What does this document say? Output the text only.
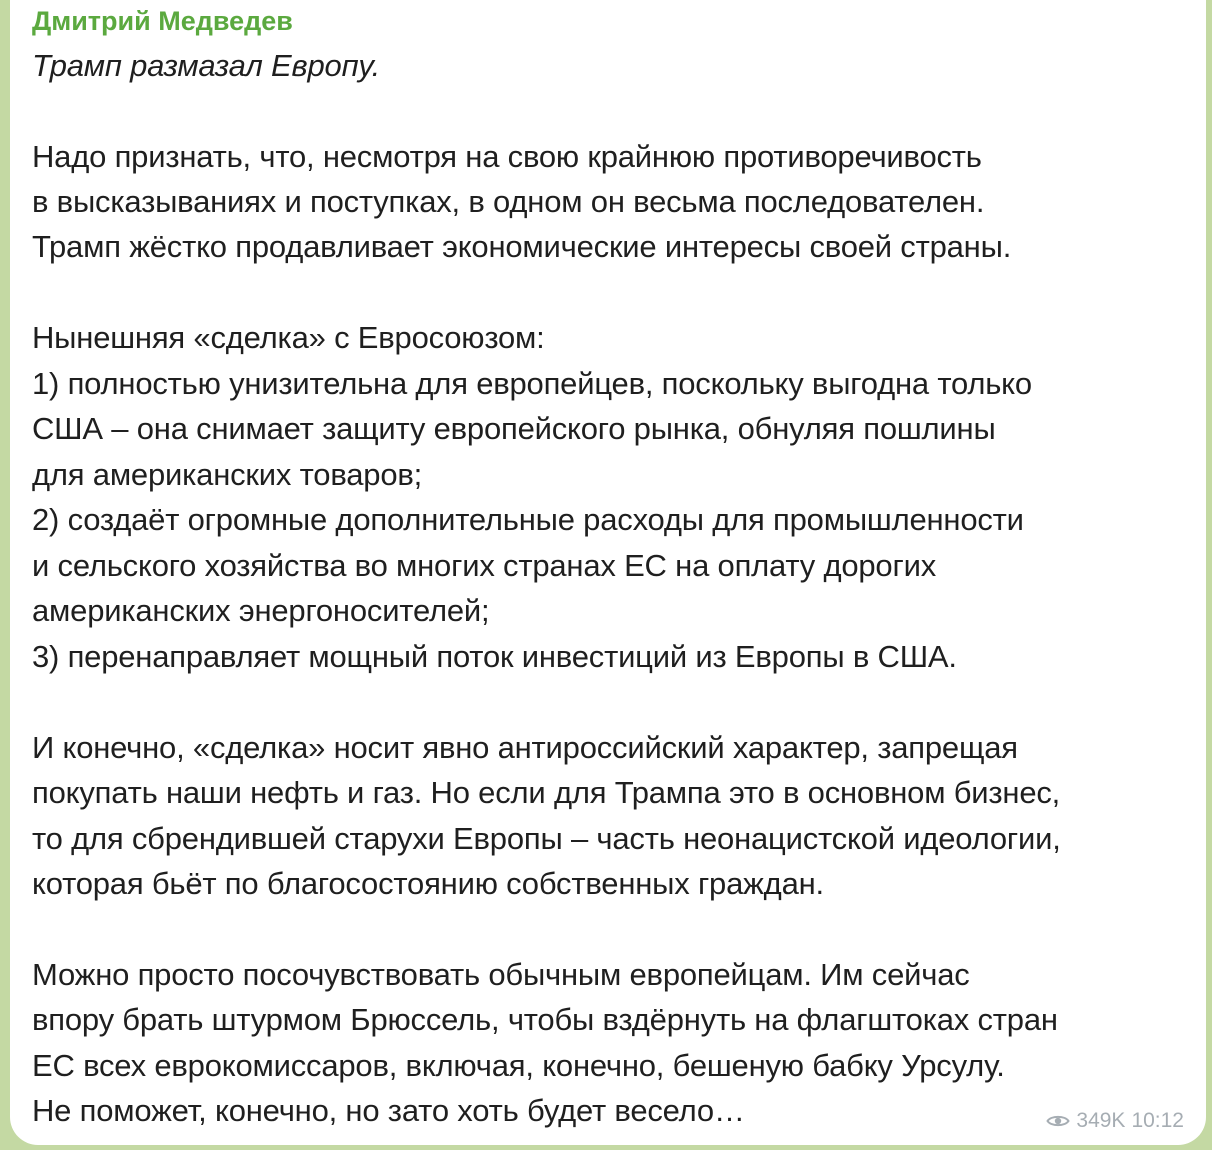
Дмитрий Медведев
Трамп размазал Европу.
Надо признать, что, несмотря на свою крайнюю противоречивость
в высказываниях и поступках, в одном он весьма последователен.
Трамп жёстко продавливает экономические интересы своей страны.
Нынешняя «сделка» с Евросоюзом:
1) полностью унизительна для европейцев, поскольку выгодна только
США – она снимает защиту европейского рынка, обнуляя пошлины
для американских товаров;
2) создаёт огромные дополнительные расходы для промышленности
и сельского хозяйства во многих странах ЕС на оплату дорогих
американских энергоносителей;
3) перенаправляет мощный поток инвестиций из Европы в США.
И конечно, «сделка» носит явно антироссийский характер, запрещая
покупать наши нефть и газ. Но если для Трампа это в основном бизнес,
то для сбрендившей старухи Европы – часть неонацистской идеологии,
которая бьёт по благосостоянию собственных граждан.
Можно просто посочувствовать обычным европейцам. Им сейчас
впору брать штурмом Брюссель, чтобы вздёрнуть на флагштоках стран
ЕС всех еврокомиссаров, включая, конечно, бешеную бабку Урсулу.
Не поможет, конечно, но зато хоть будет весело…	349K 10:12
